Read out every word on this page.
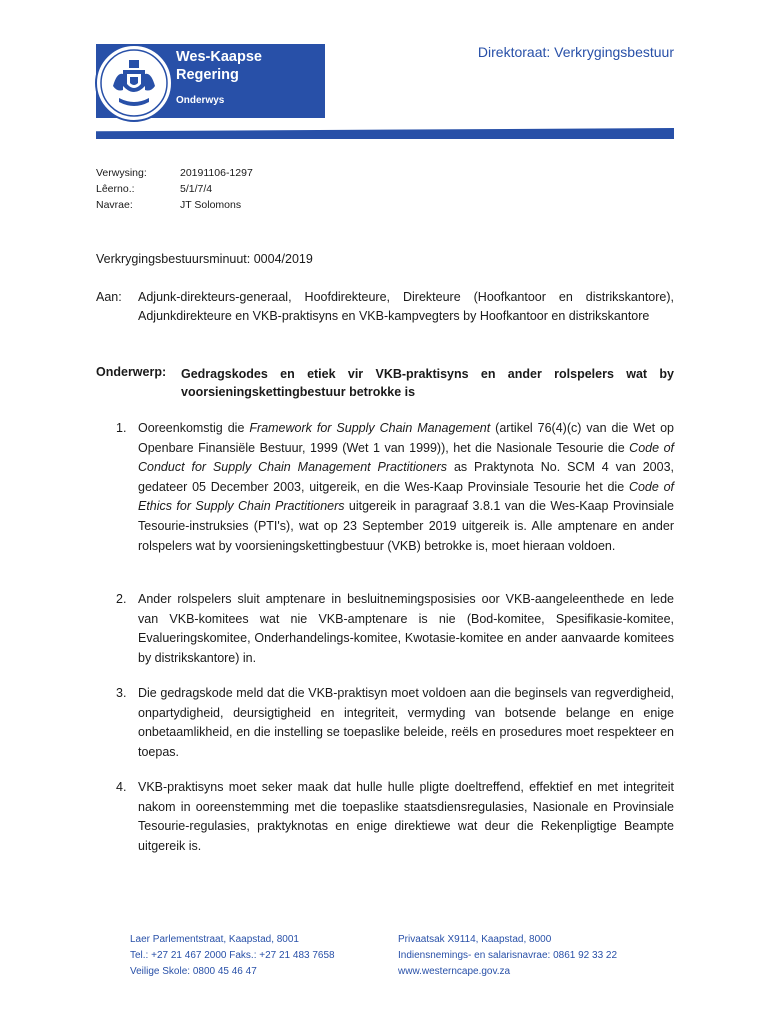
Wes-Kaapse
Regering
Onderwys
Direktoraat: Verkrygingsbestuur
Verwysing:	20191106-1297
Lêerno.:	5/1/7/4
Navrae:	JT Solomons
Verkrygingsbestuursminuut: 0004/2019
Aan: Adjunk-direkteurs-generaal, Hoofdirekteure, Direkteure (Hoofkantoor en distrikskantore), Adjunkdirekteure en VKB-praktisyns en VKB-kampvegters by Hoofkantoor en distrikskantore
Onderwerp: Gedragskodes en etiek vir VKB-praktisyns en ander rolspelers wat by voorsieningskettingbestuur betrokke is
1. Ooreenkomstig die Framework for Supply Chain Management (artikel 76(4)(c) van die Wet op Openbare Finansiële Bestuur, 1999 (Wet 1 van 1999)), het die Nasionale Tesourie die Code of Conduct for Supply Chain Management Practitioners as Praktynota No. SCM 4 van 2003, gedateer 05 December 2003, uitgereik, en die Wes-Kaap Provinsiale Tesourie het die Code of Ethics for Supply Chain Practitioners uitgereik in paragraaf 3.8.1 van die Wes-Kaap Provinsiale Tesourie-instruksies (PTI's), wat op 23 September 2019 uitgereik is. Alle amptenare en ander rolspelers wat by voorsieningskettingbestuur (VKB) betrokke is, moet hieraan voldoen.
2. Ander rolspelers sluit amptenare in besluitnemingsposisies oor VKB-aangeleenthede en lede van VKB-komitees wat nie VKB-amptenare is nie (Bod-komitee, Spesifikasie-komitee, Evalueringskomitee, Onderhandelings-komitee, Kwotasie-komitee en ander aanvaarde komitees by distrikskantore) in.
3. Die gedragskode meld dat die VKB-praktisyn moet voldoen aan die beginsels van regverdigheid, onpartydigheid, deursigtigheid en integriteit, vermyding van botsende belange en enige onbetaamlikheid, en die instelling se toepaslike beleide, reëls en prosedures moet respekteer en toepas.
4. VKB-praktisyns moet seker maak dat hulle hulle pligte doeltreffend, effektief en met integriteit nakom in ooreenstemming met die toepaslike staatsdiensregulasies, Nasionale en Provinsiale Tesourie-regulasies, praktyknotas en enige direktiewe wat deur die Rekenpligtige Beampte uitgereik is.
Laer Parlementstraat, Kaapstad, 8001
Tel.: +27 21 467 2000 Faks.: +27 21 483 7658
Veilige Skole: 0800 45 46 47
Privaatsak X9114, Kaapstad, 8000
Indiensnemings- en salarisnavrae: 0861 92 33 22
www.westerncape.gov.za
